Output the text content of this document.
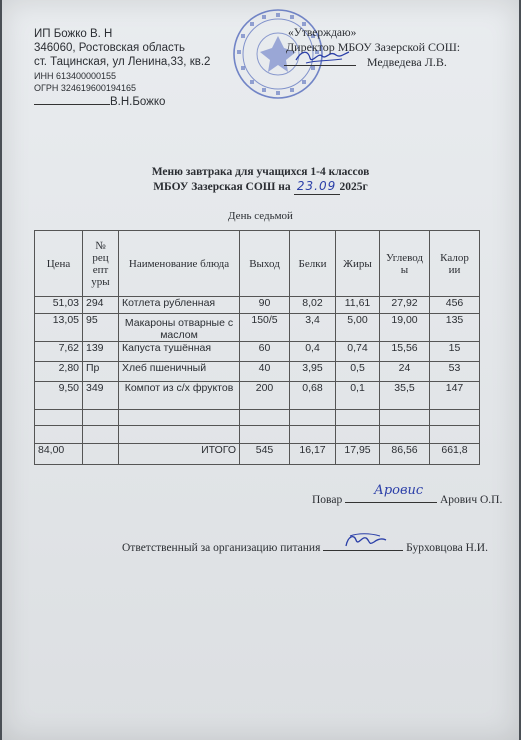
ИП Божко В. Н
346060, Ростовская область
ст. Тацинская, ул Ленина,33, кв.2
ИНН 613400000155
ОГРН 324619600194165
В.Н.Божко
«Утверждаю»
Директор МБОУ Зазерской СОШ:
Медведева Л.В.
Меню завтрака для учащихся 1-4 классов
МБОУ Зазерская СОШ на 23.09 2025г
День седьмой
Цена	№ рец епт уры	Наименование блюда	Выход	Белки	Жиры	Углевод ы	Калор ии
51,03	294	Котлета рубленная	90	8,02	11,61	27,92	456
13,05	95	Макароны отварные с маслом	150/5	3,4	5,00	19,00	135
7,62	139	Капуста тушённая	60	0,4	0,74	15,56	15
2,80	Пр	Хлеб пшеничный	40	3,95	0,5	24	53
9,50	349	Компот из с/х фруктов	200	0,68	0,1	35,5	147

84,00		ИТОГО	545	16,17	17,95	86,56	661,8
Повар	Арович О.П.
Аровис
Ответственный за организацию питания	Бурховцова Н.И.
